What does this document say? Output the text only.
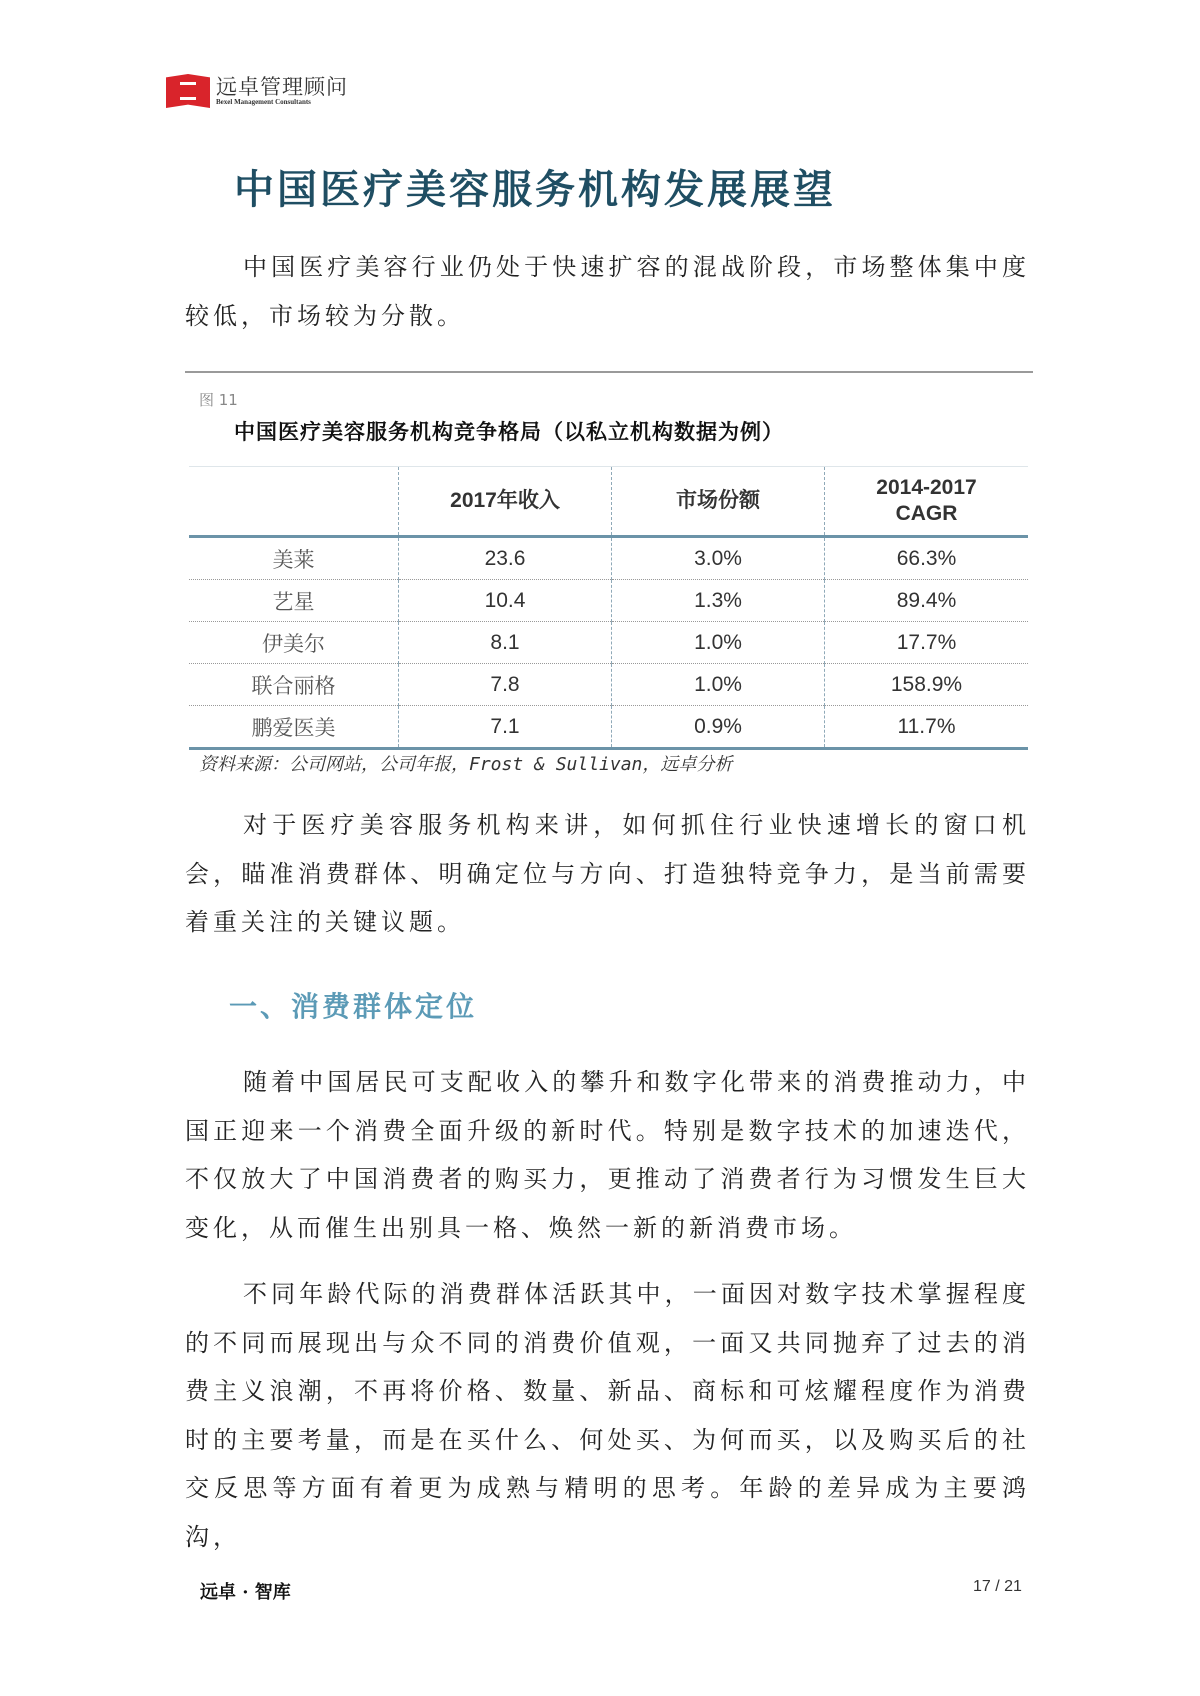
远卓管理顾问
Bexel Management Consultants
中国医疗美容服务机构发展展望

中国医疗美容行业仍处于快速扩容的混战阶段，市场整体集中度较低，市场较为分散。

图 11
中国医疗美容服务机构竞争格局（以私立机构数据为例）
	2017年收入	市场份额	2014-2017 CAGR
美莱	23.6	3.0%	66.3%
艺星	10.4	1.3%	89.4%
伊美尔	8.1	1.0%	17.7%
联合丽格	7.8	1.0%	158.9%
鹏爱医美	7.1	0.9%	11.7%
资料来源：公司网站，公司年报，Frost & Sullivan，远卓分析

对于医疗美容服务机构来讲，如何抓住行业快速增长的窗口机会，瞄准消费群体、明确定位与方向、打造独特竞争力，是当前需要着重关注的关键议题。

一、消费群体定位

随着中国居民可支配收入的攀升和数字化带来的消费推动力，中国正迎来一个消费全面升级的新时代。特别是数字技术的加速迭代，不仅放大了中国消费者的购买力，更推动了消费者行为习惯发生巨大变化，从而催生出别具一格、焕然一新的新消费市场。

不同年龄代际的消费群体活跃其中，一面因对数字技术掌握程度的不同而展现出与众不同的消费价值观，一面又共同抛弃了过去的消费主义浪潮，不再将价格、数量、新品、商标和可炫耀程度作为消费时的主要考量，而是在买什么、何处买、为何而买，以及购买后的社交反思等方面有着更为成熟与精明的思考。年龄的差异成为主要鸿沟，

远卓 · 智库	17 / 21
